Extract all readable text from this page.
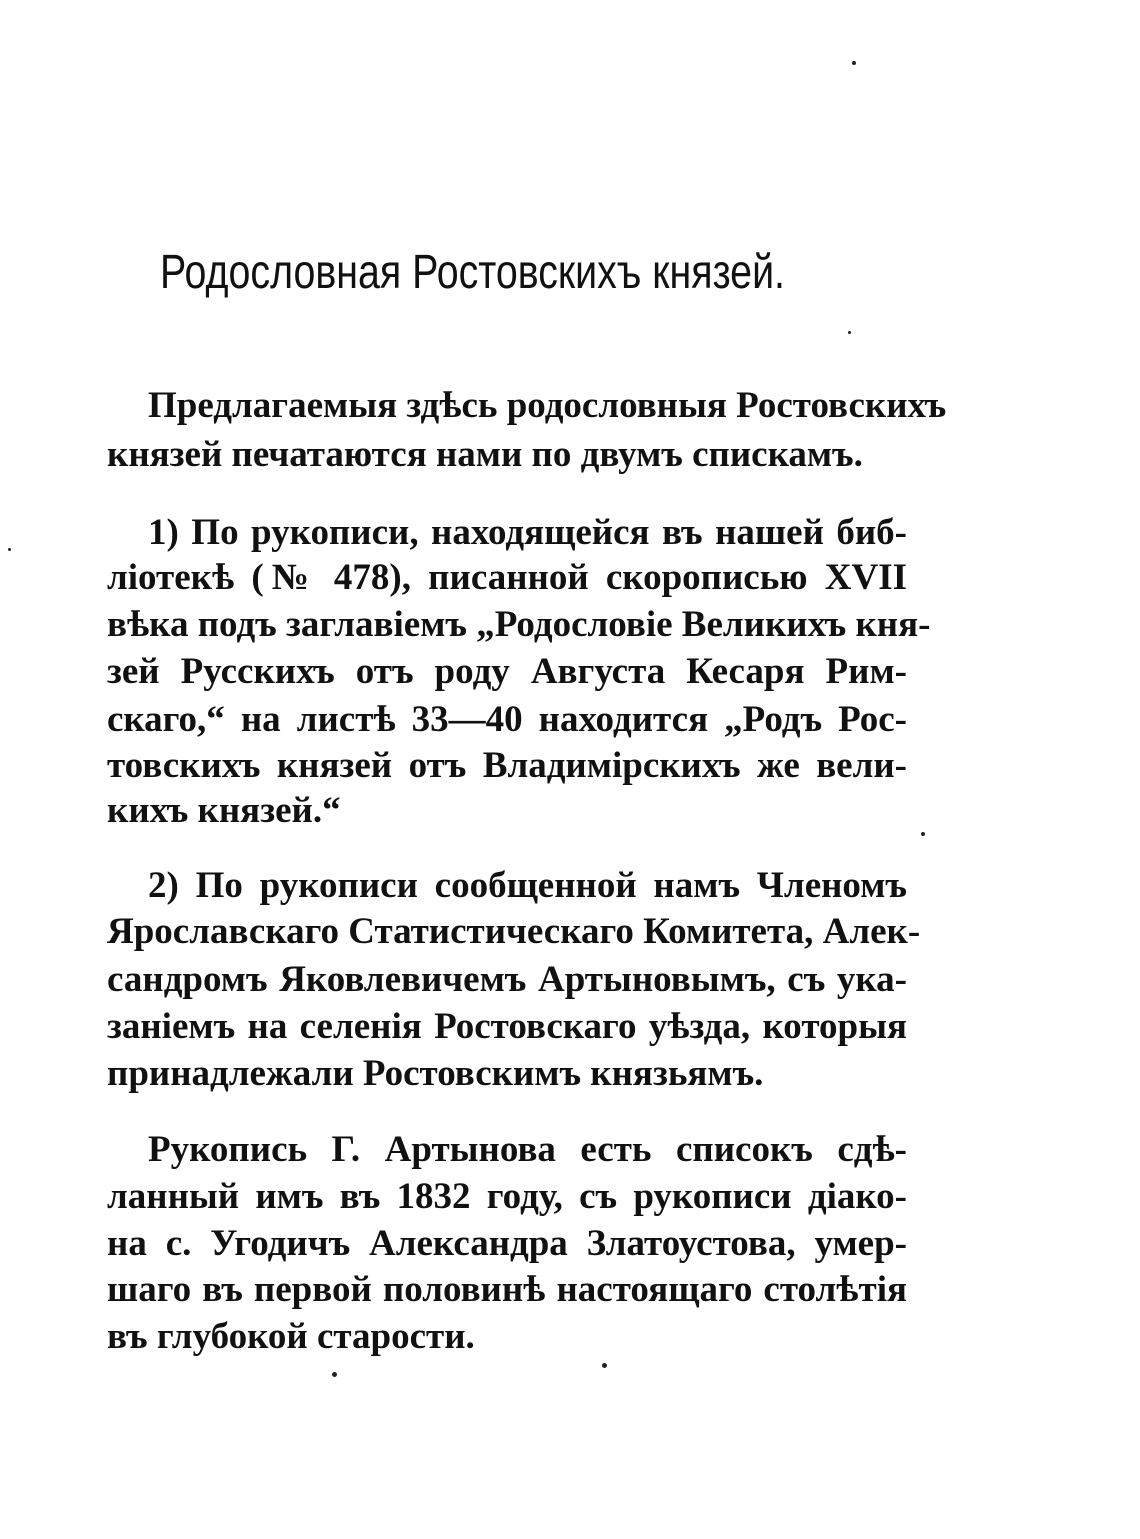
Родословная Ростовскихъ князей.
Предлагаемыя здѣсь родословныя Ростовскихъ
князей печатаются нами по двумъ спискамъ.
1) По рукописи, находящейся въ нашей биб-
ліотекѣ (№ 478), писанной скорописью XVII
вѣка подъ заглавіемъ „Родословіе Великихъ кня-
зей Русскихъ отъ роду Августа Кесаря Рим-
скаго,“ на листѣ 33—40 находится „Родъ Рос-
товскихъ князей отъ Владимірскихъ же вели-
кихъ князей.“
2) По рукописи сообщенной намъ Членомъ
Ярославскаго Статистическаго Комитета, Алек-
сандромъ Яковлевичемъ Артыновымъ, съ ука-
заніемъ на селенія Ростовскаго уѣзда, которыя
принадлежали Ростовскимъ князьямъ.
Рукопись Г. Артынова есть списокъ сдѣ-
ланный имъ въ 1832 году, съ рукописи діако-
на с. Угодичъ Александра Златоустова, умер-
шаго въ первой половинѣ настоящаго столѣтія
въ глубокой старости.
